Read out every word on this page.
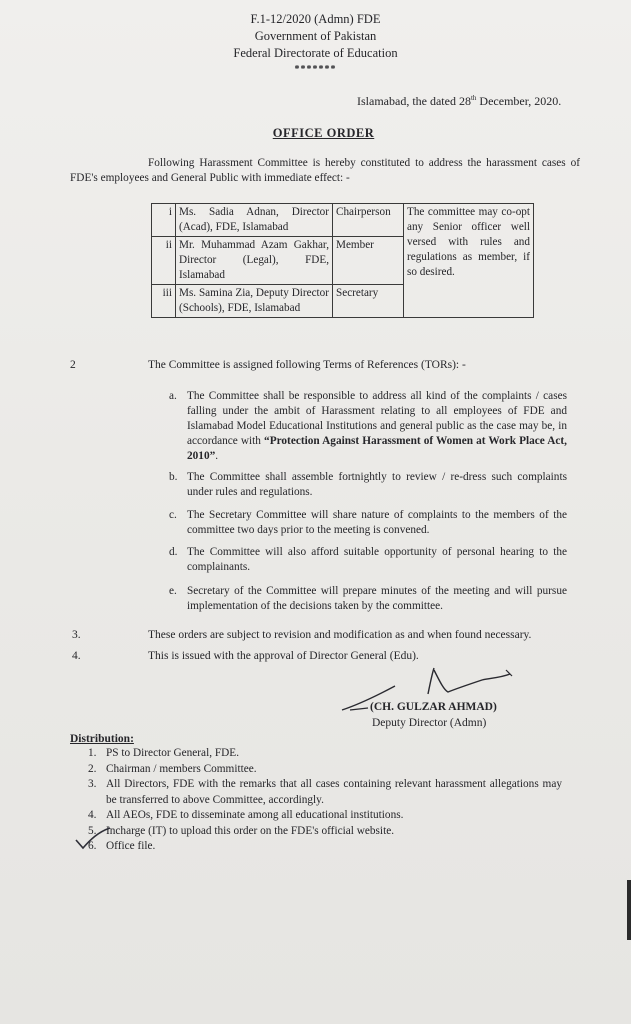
F.1-12/2020 (Admn) FDE
Government of Pakistan
Federal Directorate of Education
*******
Islamabad, the dated 28th December, 2020.
OFFICE ORDER
Following Harassment Committee is hereby constituted to address the harassment cases of FDE's employees and General Public with immediate effect: -
i	Ms. Sadia Adnan, Director (Acad), FDE, Islamabad	Chairperson	The committee may co-opt any Senior officer well versed with rules and regulations as member, if so desired.
ii	Mr. Muhammad Azam Gakhar, Director (Legal), FDE, Islamabad	Member	
iii	Ms. Samina Zia, Deputy Director (Schools), FDE, Islamabad	Secretary	
2	The Committee is assigned following Terms of References (TORs): -
a. The Committee shall be responsible to address all kind of the complaints / cases falling under the ambit of Harassment relating to all employees of FDE and Islamabad Model Educational Institutions and general public as the case may be, in accordance with “Protection Against Harassment of Women at Work Place Act, 2010”.
b. The Committee shall assemble fortnightly to review / re-dress such complaints under rules and regulations.
c. The Secretary Committee will share nature of complaints to the members of the committee two days prior to the meeting is convened.
d. The Committee will also afford suitable opportunity of personal hearing to the complainants.
e. Secretary of the Committee will prepare minutes of the meeting and will pursue implementation of the decisions taken by the committee.
3.	These orders are subject to revision and modification as and when found necessary.
4.	This is issued with the approval of Director General (Edu).
(CH. GULZAR AHMAD)
Deputy Director (Admn)
Distribution:
1. PS to Director General, FDE.
2. Chairman / members Committee.
3. All Directors, FDE with the remarks that all cases containing relevant harassment allegations may be transferred to above Committee, accordingly.
4. All AEOs, FDE to disseminate among all educational institutions.
5. Incharge (IT) to upload this order on the FDE's official website.
6. Office file.
